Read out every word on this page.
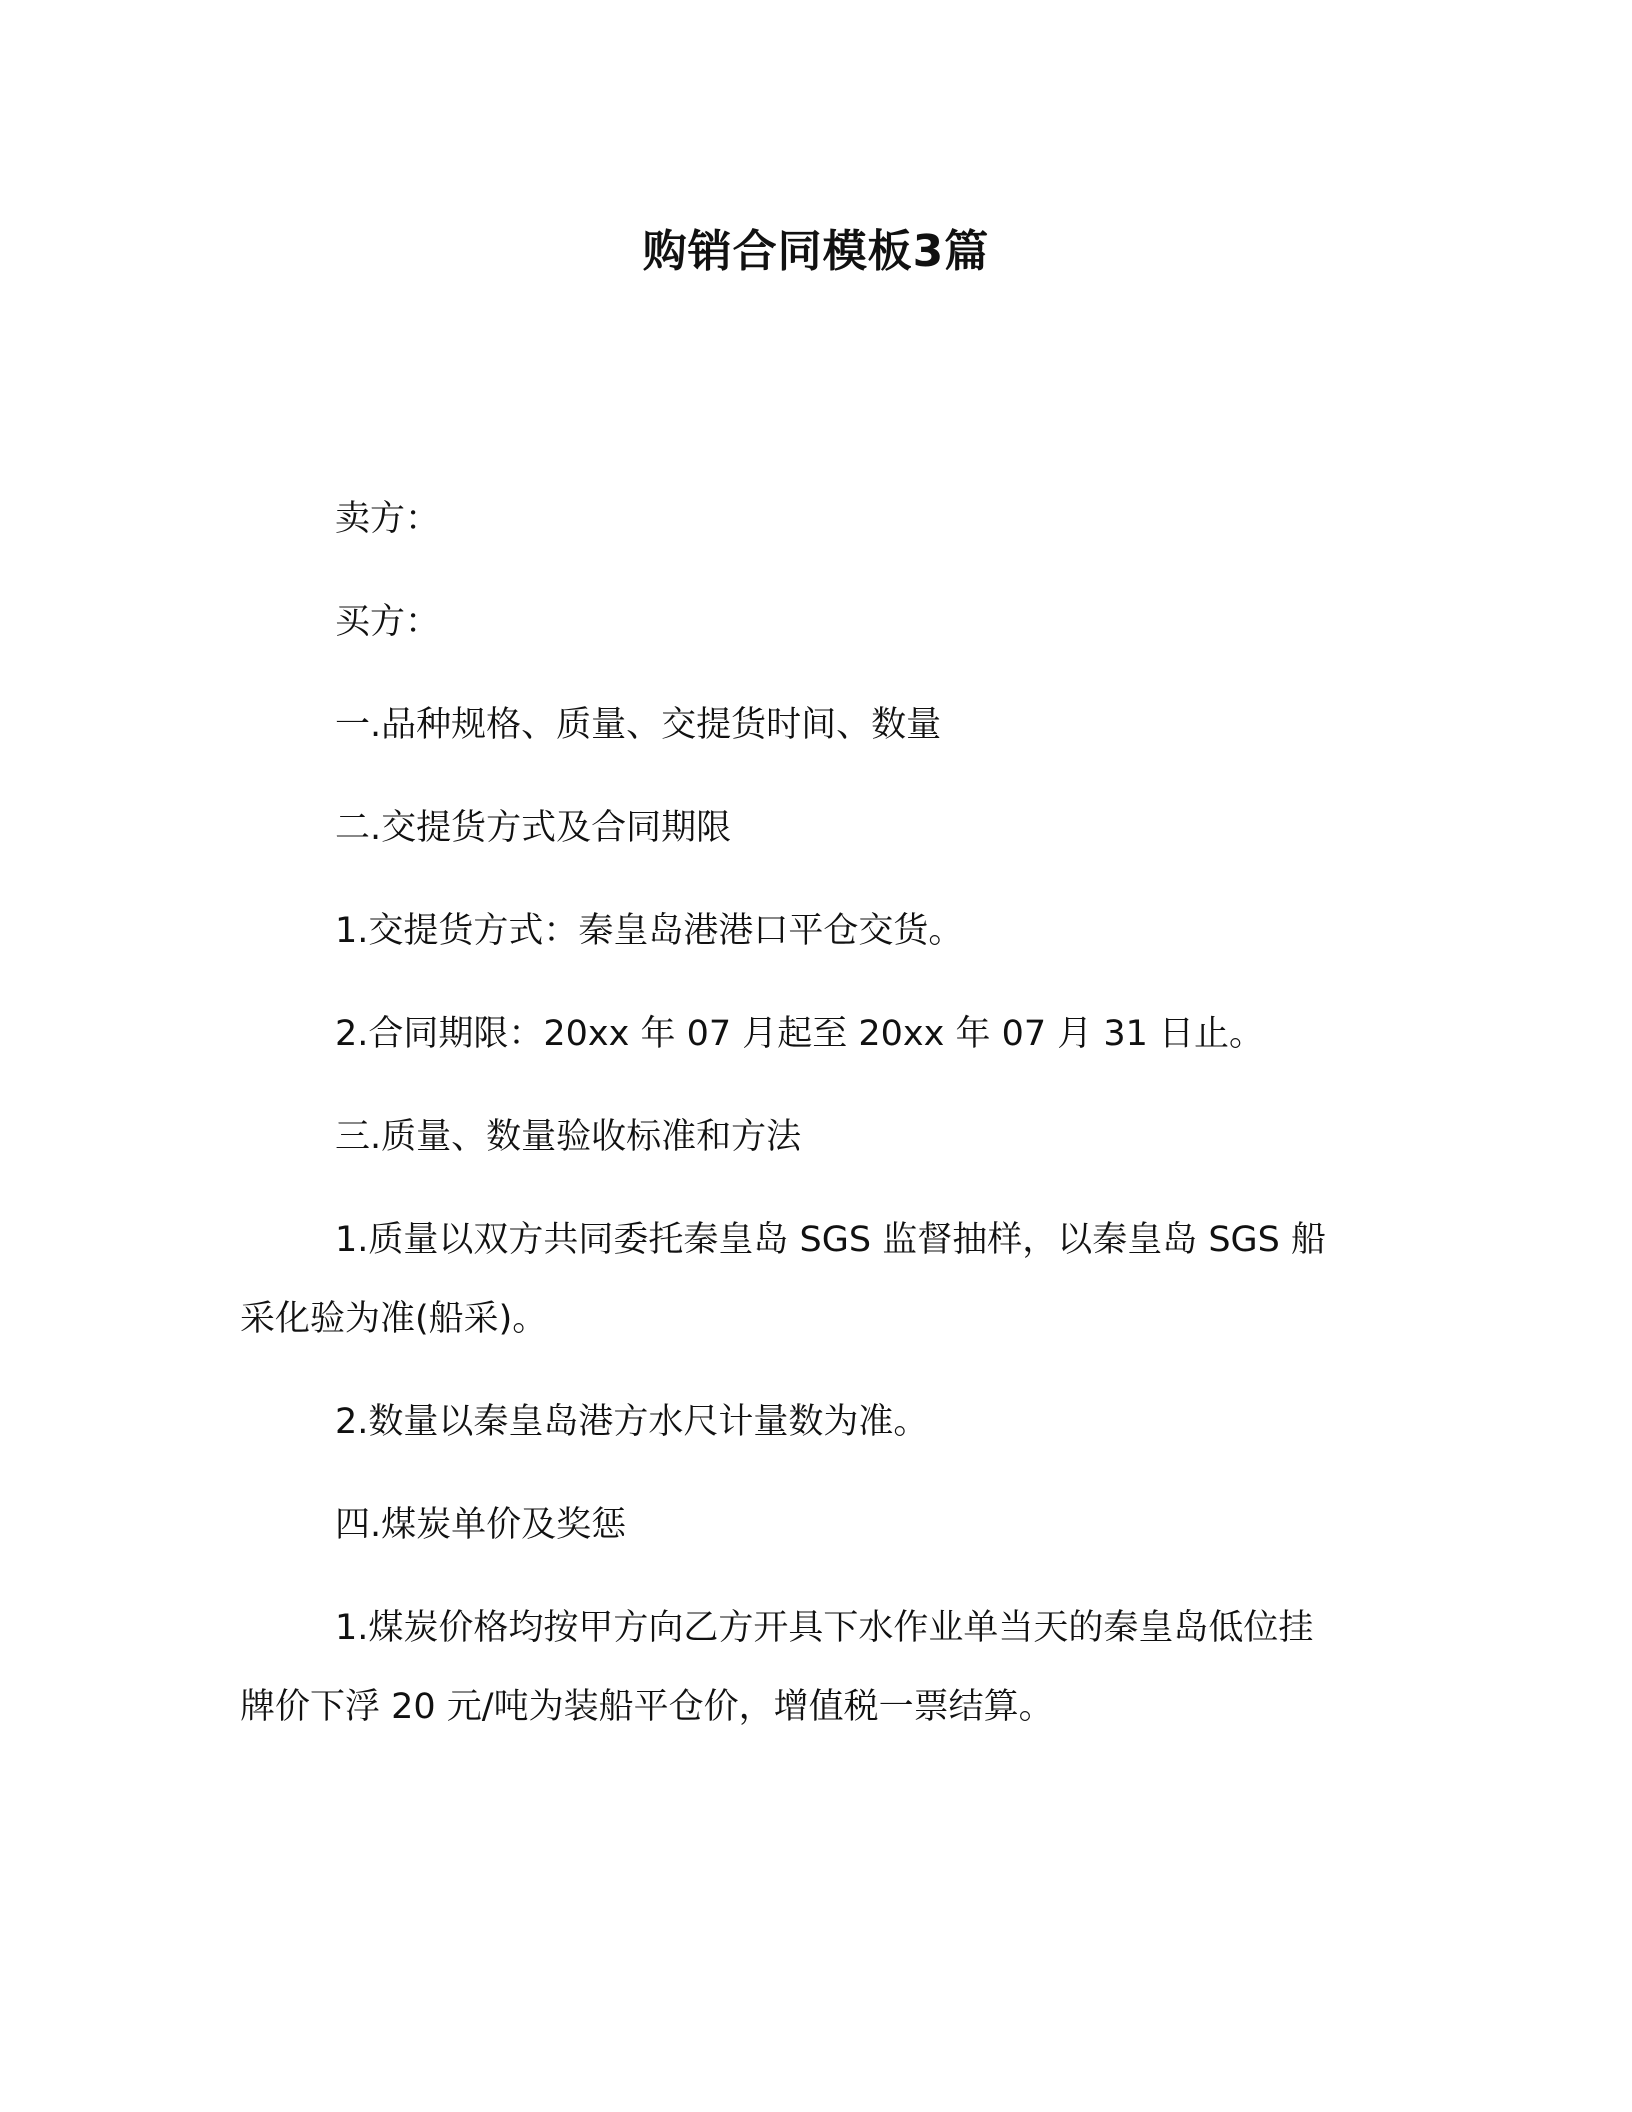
购销合同模板3篇
卖方：
买方：
一.品种规格、质量、交提货时间、数量
二.交提货方式及合同期限
1.交提货方式：秦皇岛港港口平仓交货。
2.合同期限：20xx 年 07 月起至 20xx 年 07 月 31 日止。
三.质量、数量验收标准和方法
1.质量以双方共同委托秦皇岛 SGS 监督抽样，以秦皇岛 SGS 船
采化验为准(船采)。
2.数量以秦皇岛港方水尺计量数为准。
四.煤炭单价及奖惩
1.煤炭价格均按甲方向乙方开具下水作业单当天的秦皇岛低位挂
牌价下浮 20 元/吨为装船平仓价，增值税一票结算。
